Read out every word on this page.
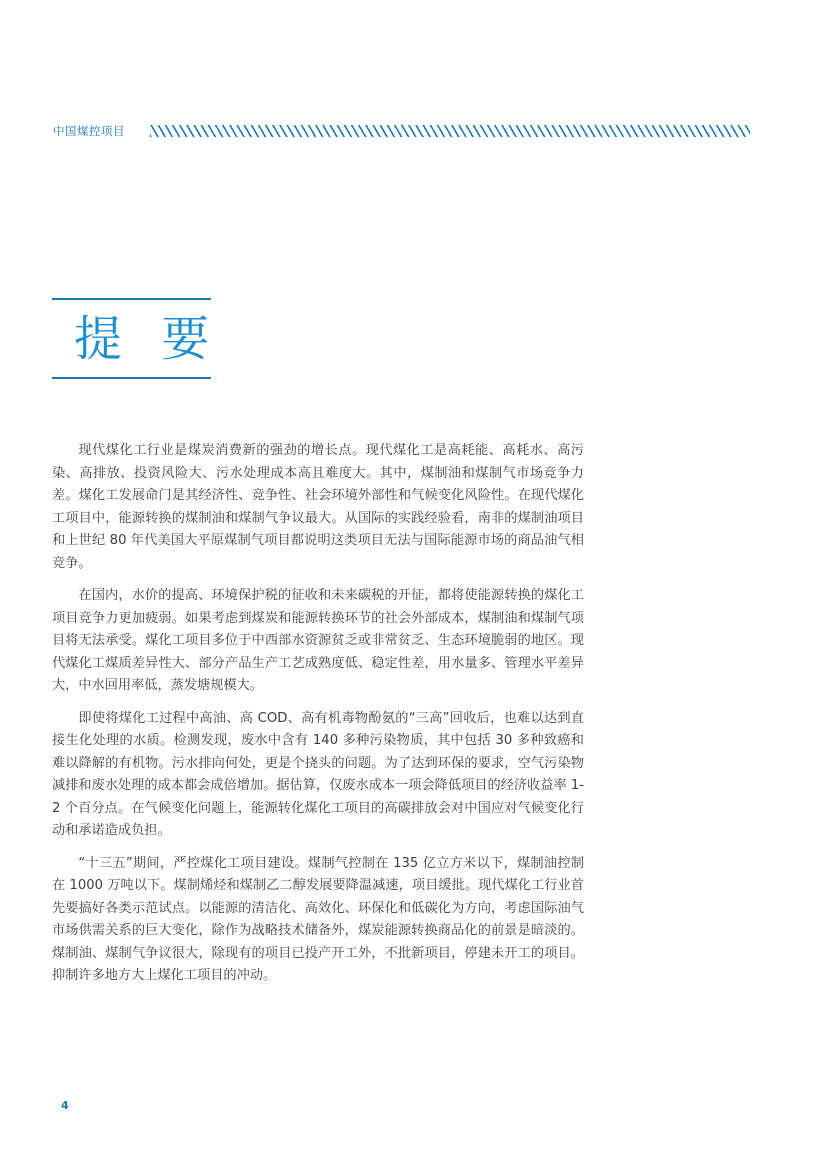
中国煤控项目
提 要

现代煤化工行业是煤炭消费新的强劲的增长点。现代煤化工是高耗能、高耗水、高污染、高排放、投资风险大、污水处理成本高且难度大。其中，煤制油和煤制气市场竞争力差。煤化工发展命门是其经济性、竞争性、社会环境外部性和气候变化风险性。在现代煤化工项目中，能源转换的煤制油和煤制气争议最大。从国际的实践经验看，南非的煤制油项目和上世纪 80 年代美国大平原煤制气项目都说明这类项目无法与国际能源市场的商品油气相竞争。

在国内，水价的提高、环境保护税的征收和未来碳税的开征，都将使能源转换的煤化工项目竞争力更加疲弱。如果考虑到煤炭和能源转换环节的社会外部成本，煤制油和煤制气项目将无法承受。煤化工项目多位于中西部水资源贫乏或非常贫乏、生态环境脆弱的地区。现代煤化工煤质差异性大、部分产品生产工艺成熟度低、稳定性差，用水量多、管理水平差异大，中水回用率低，蒸发塘规模大。

即使将煤化工过程中高油、高 COD、高有机毒物酚氨的“三高”回收后，也难以达到直接生化处理的水质。检测发现，废水中含有 140 多种污染物质，其中包括 30 多种致癌和难以降解的有机物。污水排向何处，更是个挠头的问题。为了达到环保的要求，空气污染物减排和废水处理的成本都会成倍增加。据估算，仅废水成本一项会降低项目的经济收益率 1-2 个百分点。在气候变化问题上，能源转化煤化工项目的高碳排放会对中国应对气候变化行动和承诺造成负担。

“十三五”期间，严控煤化工项目建设。煤制气控制在 135 亿立方米以下，煤制油控制在 1000 万吨以下。煤制烯烃和煤制乙二醇发展要降温减速，项目缓批。现代煤化工行业首先要搞好各类示范试点。以能源的清洁化、高效化、环保化和低碳化为方向，考虑国际油气市场供需关系的巨大变化，除作为战略技术储备外，煤炭能源转换商品化的前景是暗淡的。煤制油、煤制气争议很大，除现有的项目已投产开工外，不批新项目，停建未开工的项目。抑制许多地方大上煤化工项目的冲动。

4
